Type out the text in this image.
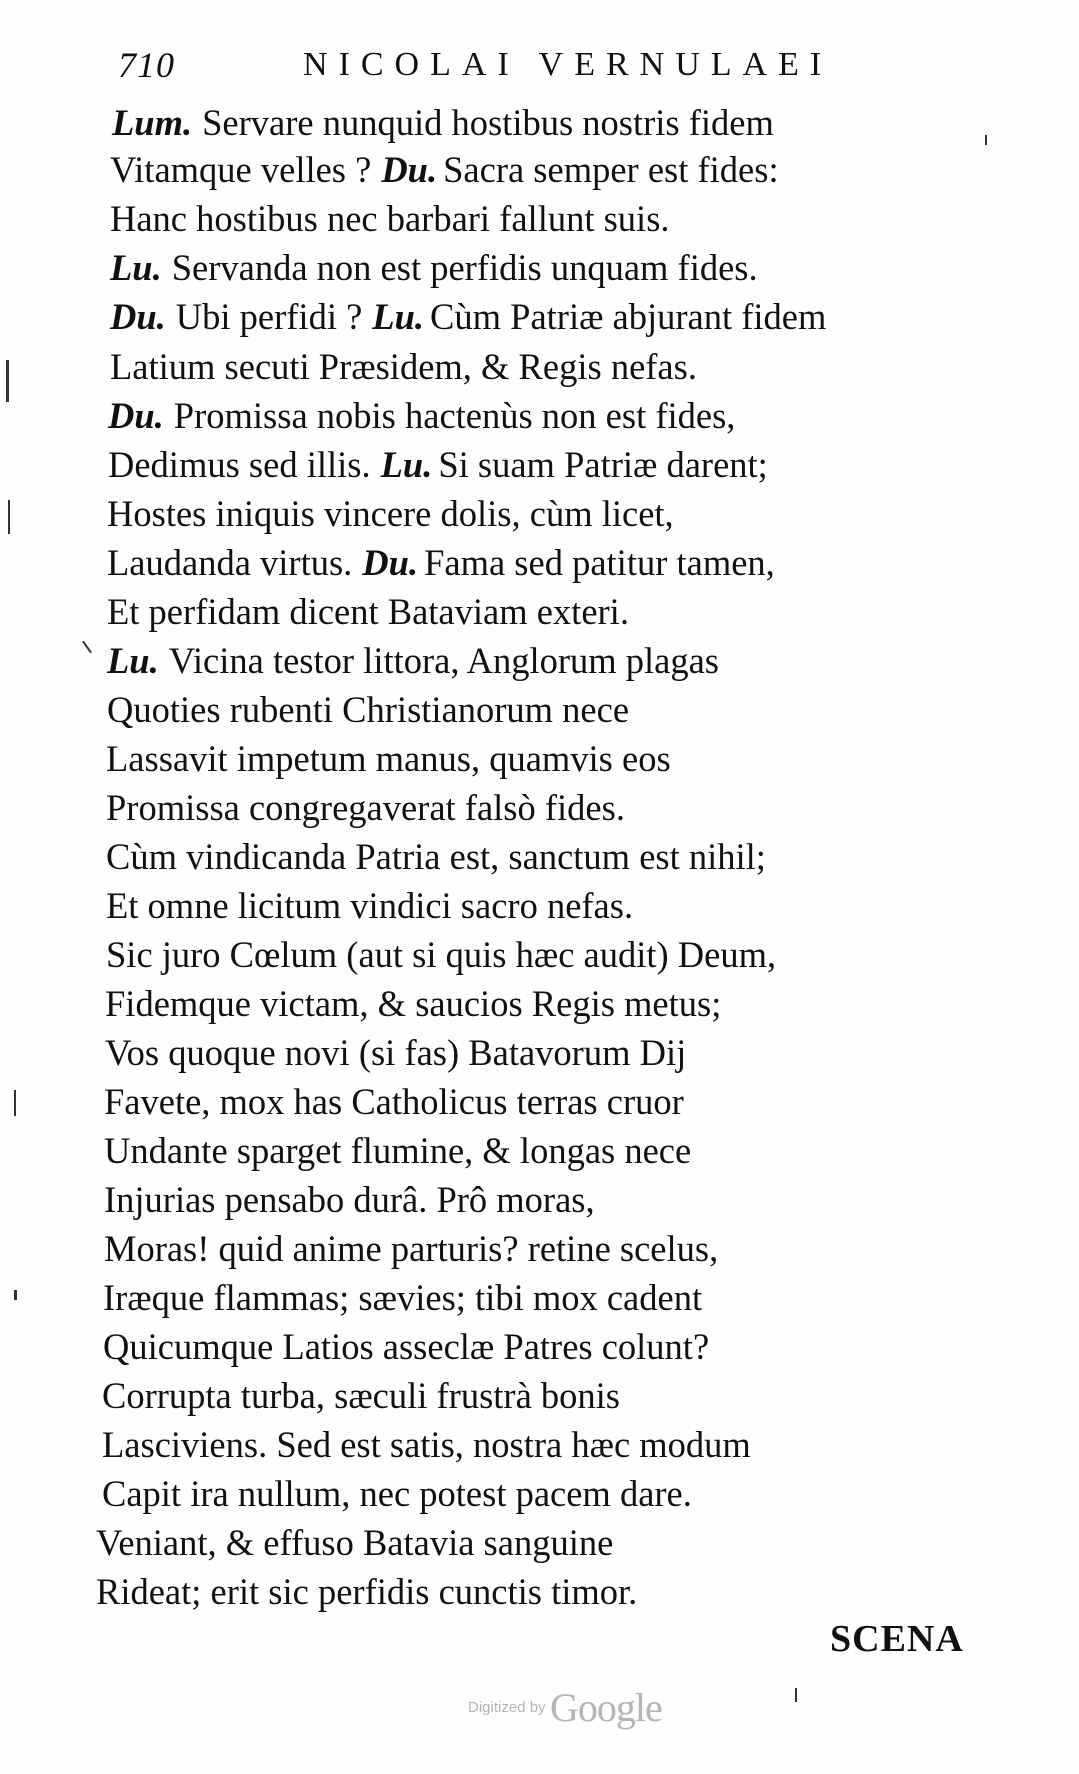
710	NICOLAI VERNULAEI
Lum. Servare nunquid hostibus nostris fidem
Vitamque velles ? Du. Sacra semper est fides:
Hanc hostibus nec barbari fallunt suis.
Lu. Servanda non est perfidis unquam fides.
Du. Ubi perfidi ? Lu. Cùm Patriæ abjurant fidem
Latium secuti Præsidem, & Regis nefas.
Du. Promissa nobis hactenùs non est fides,
Dedimus sed illis. Lu. Si suam Patriæ darent;
Hostes iniquis vincere dolis, cùm licet,
Laudanda virtus. Du. Fama sed patitur tamen,
Et perfidam dicent Bataviam exteri.
Lu. Vicina testor littora, Anglorum plagas
Quoties rubenti Christianorum nece
Lassavit impetum manus, quamvis eos
Promissa congregaverat falsò fides.
Cùm vindicanda Patria est, sanctum est nihil;
Et omne licitum vindici sacro nefas.
Sic juro Cœlum (aut si quis hæc audit) Deum,
Fidemque victam, & saucios Regis metus;
Vos quoque novi (si fas) Batavorum Dij
Favete, mox has Catholicus terras cruor
Undante sparget flumine, & longas nece
Injurias pensabo durâ. Prô moras,
Moras! quid anime parturis? retine scelus,
Iræque flammas; sævies; tibi mox cadent
Quicumque Latios asseclæ Patres colunt?
Corrupta turba, sæculi frustrà bonis
Lasciviens. Sed est satis, nostra hæc modum
Capit ira nullum, nec potest pacem dare.
Veniant, & effuso Batavia sanguine
Rideat; erit sic perfidis cunctis timor.
SCENA
Digitized by Google
